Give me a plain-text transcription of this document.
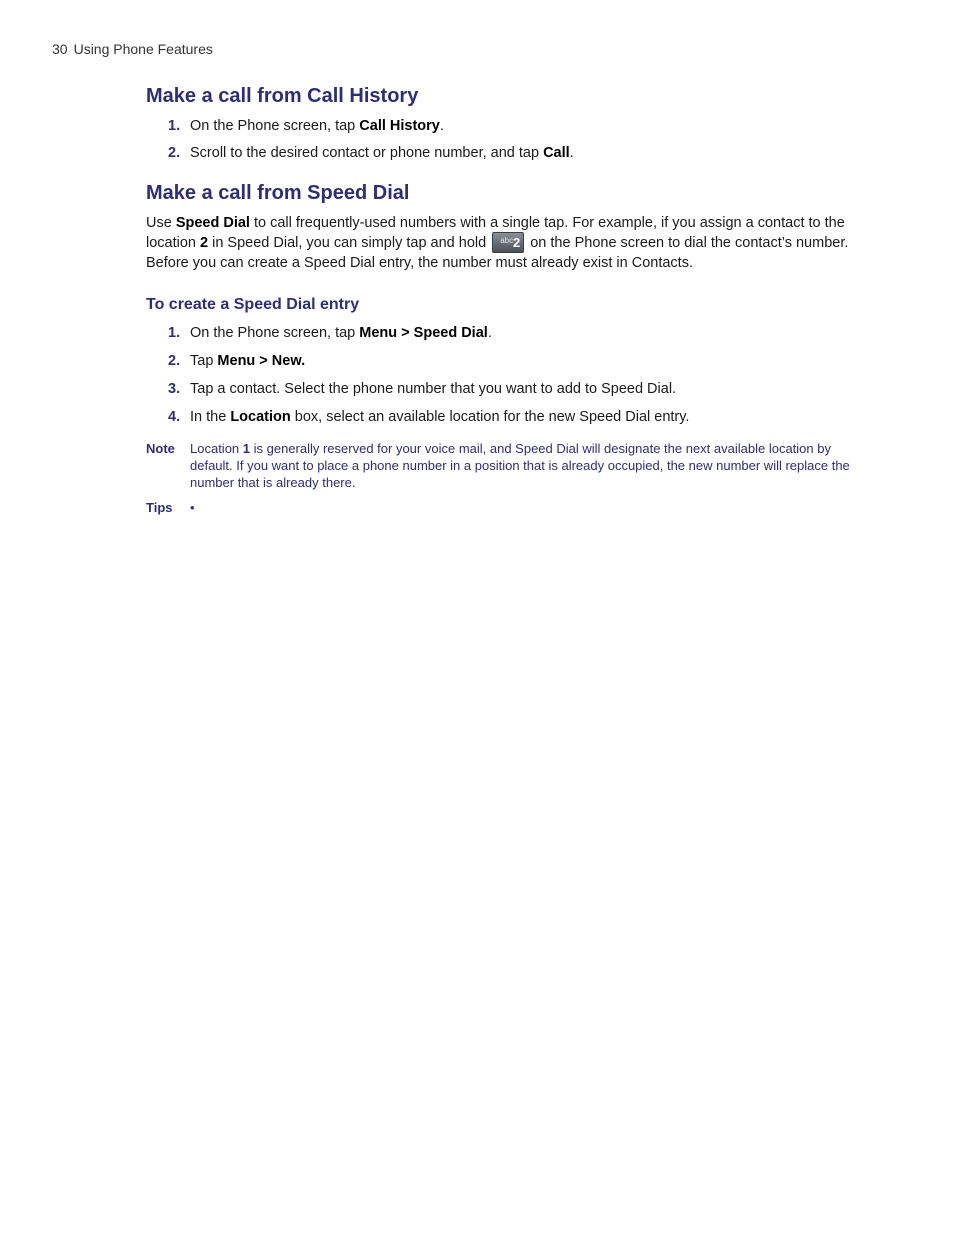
30 Using Phone Features
Make a call from Call History
1. On the Phone screen, tap Call History.
2. Scroll to the desired contact or phone number, and tap Call.
Make a call from Speed Dial

Use Speed Dial to call frequently-used numbers with a single tap. For example, if you assign a contact to the location 2 in Speed Dial, you can simply tap and hold abc 2 on the Phone screen to dial the contact’s number. Before you can create a Speed Dial entry, the number must already exist in Contacts.

To create a Speed Dial entry
1. On the Phone screen, tap Menu > Speed Dial.
2. Tap Menu > New.
3. Tap a contact. Select the phone number that you want to add to Speed Dial.
4. In the Location box, select an available location for the new Speed Dial entry.
Note Location 1 is generally reserved for your voice mail, and Speed Dial will designate the next available location by default. If you want to place a phone number in a position that is already occupied, the new number will replace the number that is already there.
Tips •
